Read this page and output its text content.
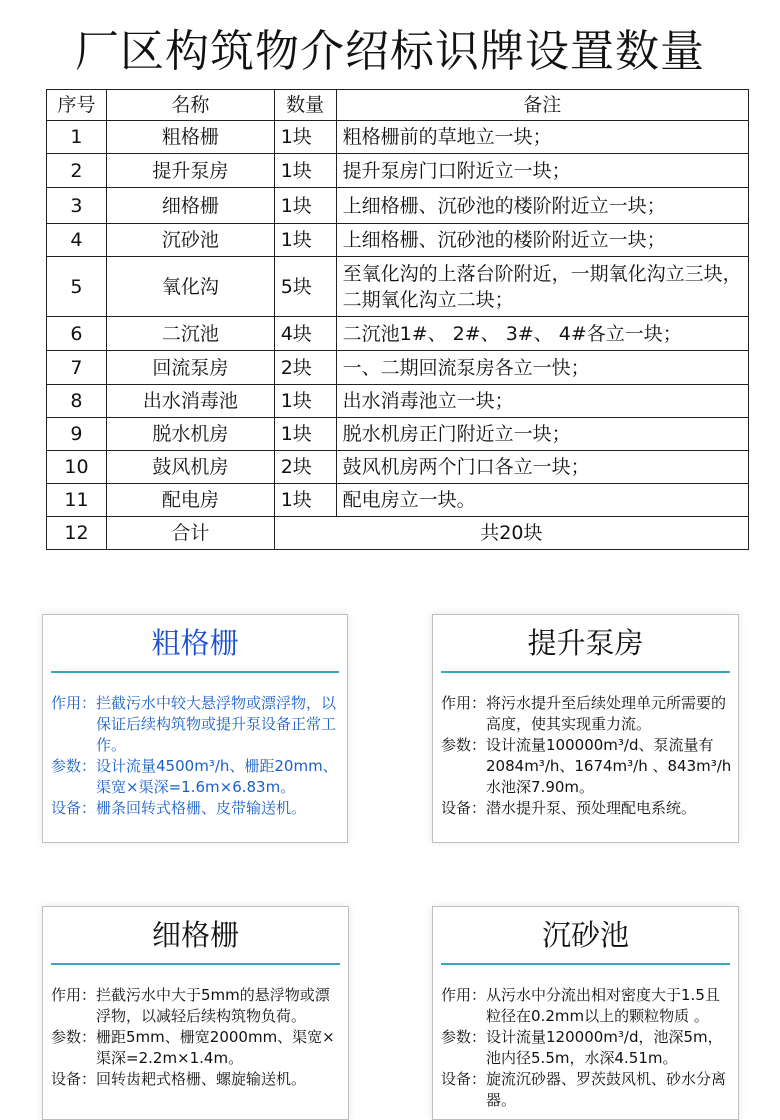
厂区构筑物介绍标识牌设置数量
序号	名称	数量	备注
1	粗格栅	1块	粗格栅前的草地立一块；
2	提升泵房	1块	提升泵房门口附近立一块；
3	细格栅	1块	上细格栅、沉砂池的楼阶附近立一块；
4	沉砂池	1块	上细格栅、沉砂池的楼阶附近立一块；
5	氧化沟	5块	至氧化沟的上落台阶附近，一期氧化沟立三块，二期氧化沟立二块；
6	二沉池	4块	二沉池1#、 2#、 3#、 4#各立一块；
7	回流泵房	2块	一、二期回流泵房各立一快；
8	出水消毒池	1块	出水消毒池立一块；
9	脱水机房	1块	脱水机房正门附近立一块；
10	鼓风机房	2块	鼓风机房两个门口各立一块；
11	配电房	1块	配电房立一块。
12	合计	共20块	
粗格栅
作用： 拦截污水中较大悬浮物或漂浮物，以保证后续构筑物或提升泵设备正常工作。
参数： 设计流量4500m³/h、栅距20mm、渠宽×渠深=1.6m×6.83m。
设备： 栅条回转式格栅、皮带输送机。
提升泵房
作用： 将污水提升至后续处理单元所需要的高度，使其实现重力流。
参数： 设计流量100000m³/d、泵流量有2084m³/h、1674m³/h 、843m³/h水池深7.90m。
设备： 潜水提升泵、预处理配电系统。
细格栅
作用： 拦截污水中大于5mm的悬浮物或漂浮物，以减轻后续构筑物负荷。
参数： 栅距5mm、栅宽2000mm、渠宽×渠深=2.2m×1.4m。
设备： 回转齿耙式格栅、螺旋输送机。
沉砂池
作用： 从污水中分流出相对密度大于1.5且粒径在0.2mm以上的颗粒物质 。
参数： 设计流量120000m³/d，池深5m，池内径5.5m，水深4.51m。
设备： 旋流沉砂器、罗茨鼓风机、砂水分离器。
